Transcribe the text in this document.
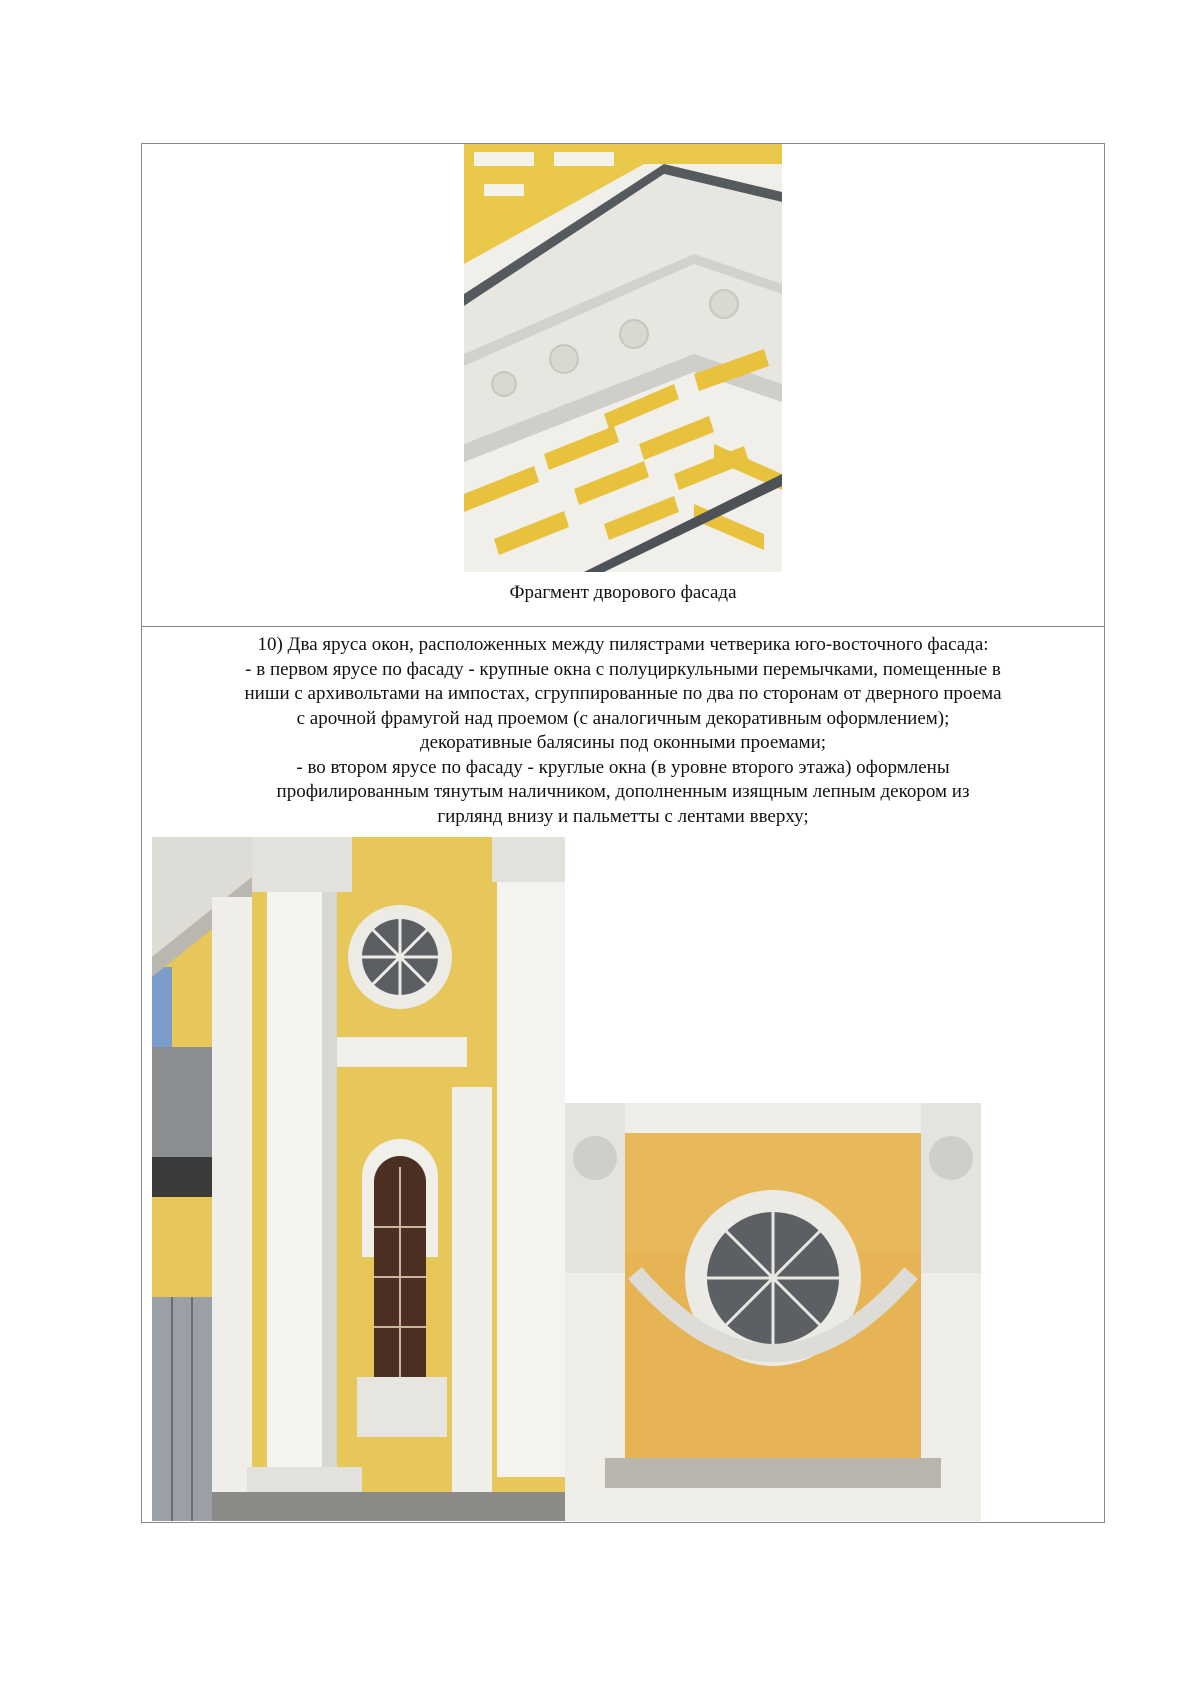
Фрагмент дворового фасада
10) Два яруса окон, расположенных между пилястрами четверика юго-восточного фасада:
- в первом ярусе по фасаду - крупные окна с полуциркульными перемычками, помещенные в
ниши с архивольтами на импостах, сгруппированные по два по сторонам от дверного проема
с арочной фрамугой над проемом (с аналогичным декоративным оформлением);
декоративные балясины под оконными проемами;
- во втором ярусе по фасаду - круглые окна (в уровне второго этажа) оформлены
профилированным тянутым наличником, дополненным изящным лепным декором из
гирлянд внизу и пальметты с лентами вверху;
